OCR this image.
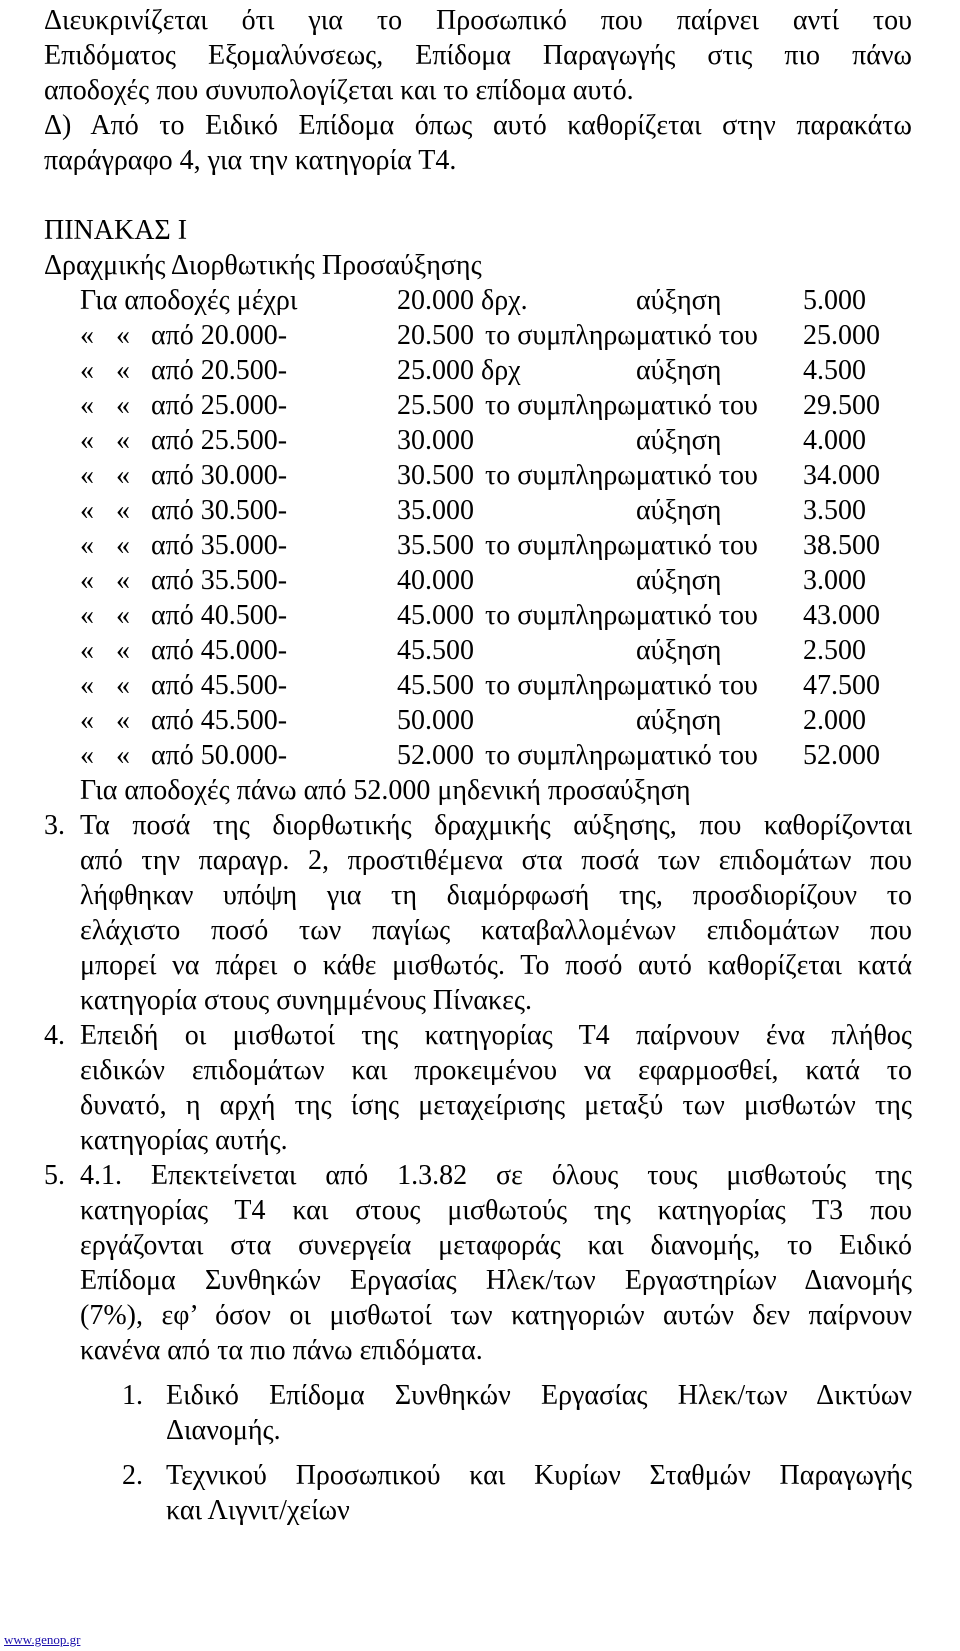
Διευκρινίζεται ότι για το Προσωπικό που παίρνει αντί του
Επιδόματος Εξομαλύνσεως, Επίδομα Παραγωγής στις πιο πάνω
αποδοχές που συνυπολογίζεται και το επίδομα αυτό.
Δ) Από το Ειδικό Επίδομα όπως αυτό καθορίζεται στην παρακάτω
παράγραφο 4, για την κατηγορία Τ4.
ΠΙΝΑΚΑΣ Ι
Δραχμικής Διορθωτικής Προσαύξησης
Για αποδοχές μέχρι	20.000 δρχ.	αύξηση	5.000
« « από 20.000-	20.500 το συμπληρωματικό του 25.000
« « από 20.500-	25.000 δρχ	αύξηση	4.500
« « από 25.000-	25.500 το συμπληρωματικό του 29.500
« « από 25.500-	30.000	αύξηση	4.000
« « από 30.000-	30.500 το συμπληρωματικό του 34.000
« « από 30.500-	35.000	αύξηση	3.500
« « από 35.000-	35.500 το συμπληρωματικό του 38.500
« « από 35.500-	40.000	αύξηση	3.000
« « από 40.500-	45.000 το συμπληρωματικό του 43.000
« « από 45.000-	45.500	αύξηση	2.500
« « από 45.500-	45.500 το συμπληρωματικό του 47.500
« « από 45.500-	50.000	αύξηση	2.000
« « από 50.000-	52.000 το συμπληρωματικό του 52.000
Για αποδοχές πάνω από 52.000 μηδενική προσαύξηση
3. Τα ποσά της διορθωτικής δραχμικής αύξησης, που καθορίζονται
από την παραγρ. 2, προστιθέμενα στα ποσά των επιδομάτων που
λήφθηκαν υπόψη για τη διαμόρφωσή της, προσδιορίζουν το
ελάχιστο ποσό των παγίως καταβαλλομένων επιδομάτων που
μπορεί να πάρει ο κάθε μισθωτός. Το ποσό αυτό καθορίζεται κατά
κατηγορία στους συνημμένους Πίνακες.
4. Επειδή οι μισθωτοί της κατηγορίας Τ4 παίρνουν ένα πλήθος
ειδικών επιδομάτων και προκειμένου να εφαρμοσθεί, κατά το
δυνατό, η αρχή της ίσης μεταχείρισης μεταξύ των μισθωτών της
κατηγορίας αυτής.
5. 4.1. Επεκτείνεται από 1.3.82 σε όλους τους μισθωτούς της
κατηγορίας Τ4 και στους μισθωτούς της κατηγορίας Τ3 που
εργάζονται στα συνεργεία μεταφοράς και διανομής, το Ειδικό
Επίδομα Συνθηκών Εργασίας Ηλεκ/των Εργαστηρίων Διανομής
(7%), εφ’ όσον οι μισθωτοί των κατηγοριών αυτών δεν παίρνουν
κανένα από τα πιο πάνω επιδόματα.
1. Ειδικό Επίδομα Συνθηκών Εργασίας Ηλεκ/των Δικτύων
Διανομής.
2. Τεχνικού Προσωπικού και Κυρίων Σταθμών Παραγωγής
και Λιγνιτ/χείων
www.genop.gr
